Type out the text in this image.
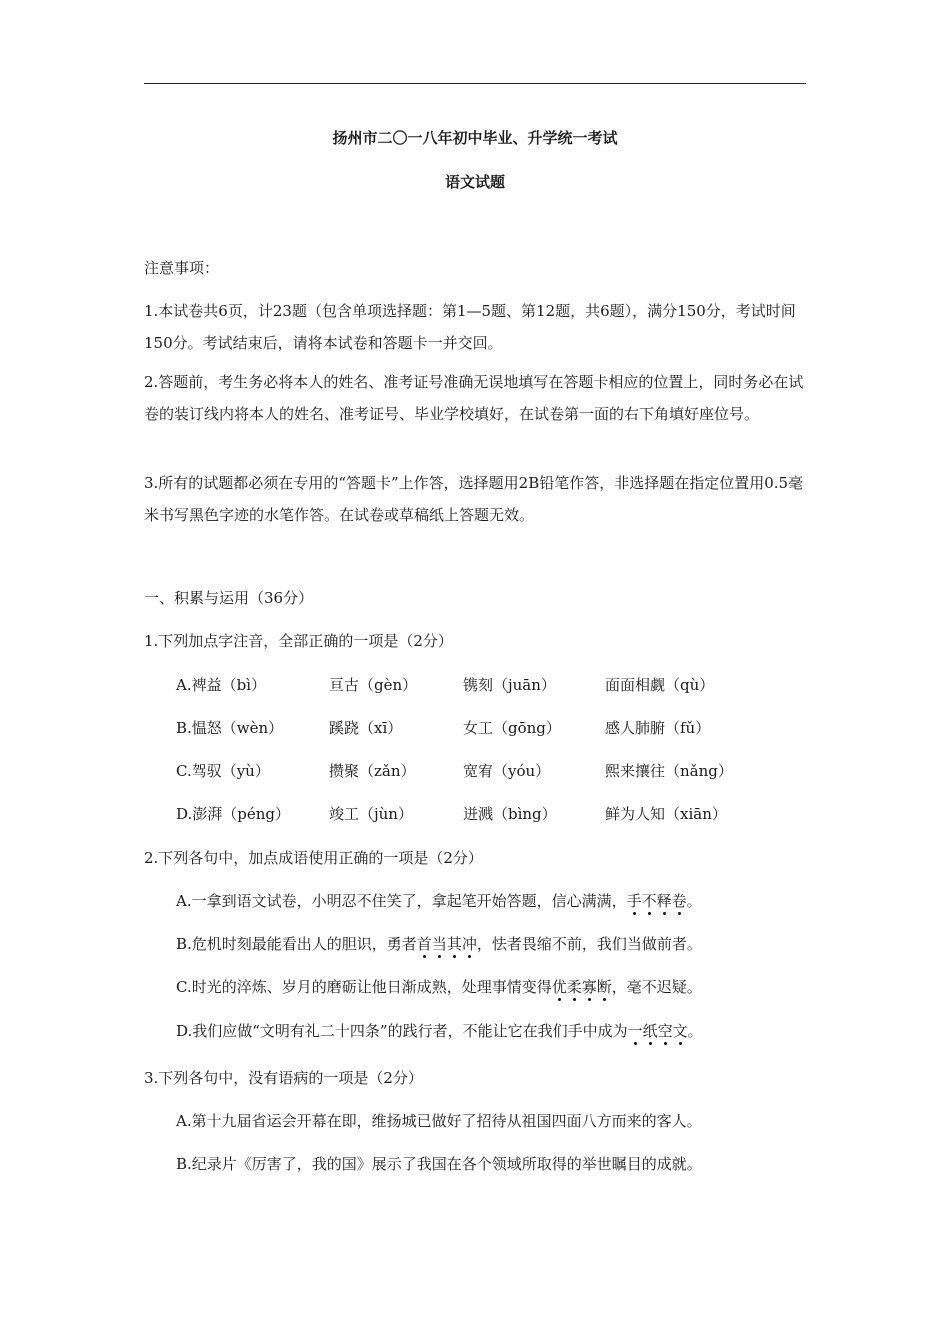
扬州市二〇一八年初中毕业、升学统一考试
语文试题
注意事项：
1.本试卷共6页，计23题（包含单项选择题：第1—5题、第12题，共6题），满分150分，考试时间150分。考试结束后，请将本试卷和答题卡一并交回。
2.答题前，考生务必将本人的姓名、准考证号准确无误地填写在答题卡相应的位置上，同时务必在试卷的装订线内将本人的姓名、准考证号、毕业学校填好，在试卷第一面的右下角填好座位号。
3.所有的试题都必须在专用的“答题卡”上作答，选择题用2B铅笔作答，非选择题在指定位置用0.5毫米书写黑色字迹的水笔作答。在试卷或草稿纸上答题无效。
一、积累与运用（36分）
1.下列加点字注音，全部正确的一项是（2分）
A.裨益（bì）	亘古（gèn）	镌刻（juān）	面面相觑（qù）
B.愠怒（wèn）	蹊跷（xī）	女工（gōng）	感人肺腑（fǔ）
C.驾驭（yù）	攒聚（zǎn）	宽宥（yóu）	熙来攘往（nǎng）
D.澎湃（péng）	竣工（jùn）	迸溅（bìng）	鲜为人知（xiān）
2.下列各句中，加点成语使用正确的一项是（2分）
A.一拿到语文试卷，小明忍不住笑了，拿起笔开始答题，信心满满，手不释卷。
B.危机时刻最能看出人的胆识，勇者首当其冲，怯者畏缩不前，我们当做前者。
C.时光的淬炼、岁月的磨砺让他日渐成熟，处理事情变得优柔寡断，毫不迟疑。
D.我们应做“文明有礼二十四条”的践行者，不能让它在我们手中成为一纸空文。
3.下列各句中，没有语病的一项是（2分）
A.第十九届省运会开幕在即，维扬城已做好了招待从祖国四面八方而来的客人。
B.纪录片《厉害了，我的国》展示了我国在各个领域所取得的举世瞩目的成就。
